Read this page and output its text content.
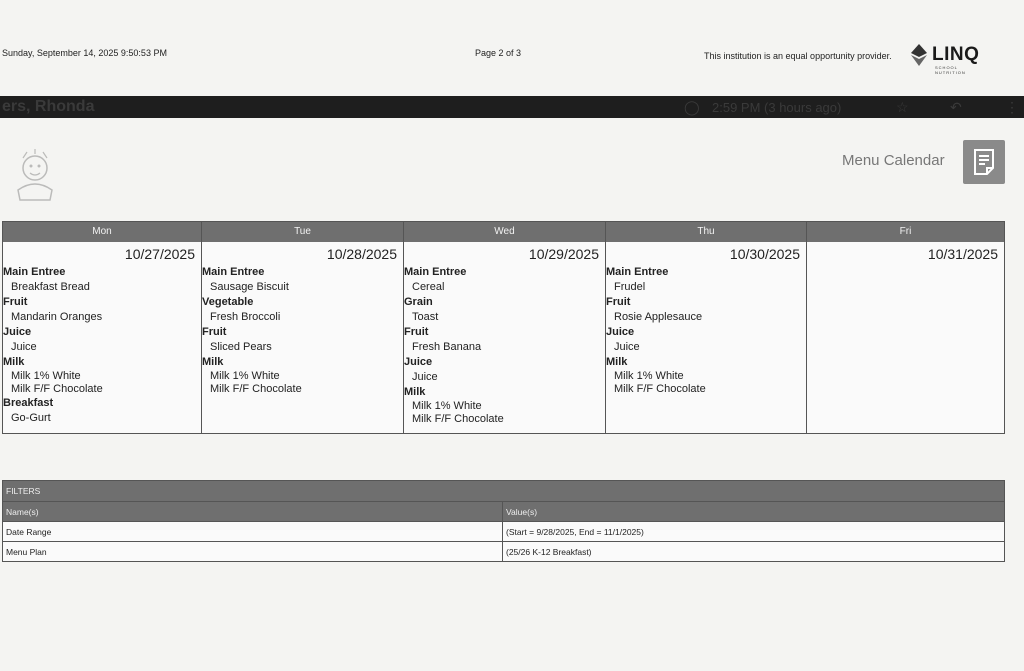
Sunday, September 14, 2025 9:50:53 PM	Page 2 of 3	This institution is an equal opportunity provider. LINQ
SCHOOL NUTRITION
ers, Rhonda	◯ 2:59 PM (3 hours ago)	☆	↶	⋮
Menu Calendar
Mon	Tue	Wed	Thu	Fri
10/27/2025
Main Entree
Breakfast Bread
Fruit
Mandarin Oranges
Juice
Juice
Milk
Milk 1% White
Milk F/F Chocolate
Breakfast
Go-Gurt
10/28/2025
Main Entree
Sausage Biscuit
Vegetable
Fresh Broccoli
Fruit
Sliced Pears
Milk
Milk 1% White
Milk F/F Chocolate
10/29/2025
Main Entree
Cereal
Grain
Toast
Fruit
Fresh Banana
Juice
Juice
Milk
Milk 1% White
Milk F/F Chocolate
10/30/2025
Main Entree
Frudel
Fruit
Rosie Applesauce
Juice
Juice
Milk
Milk 1% White
Milk F/F Chocolate
10/31/2025
FILTERS
Name(s)	Value(s)
Date Range	(Start = 9/28/2025, End = 11/1/2025)
Menu Plan	(25/26 K-12 Breakfast)
